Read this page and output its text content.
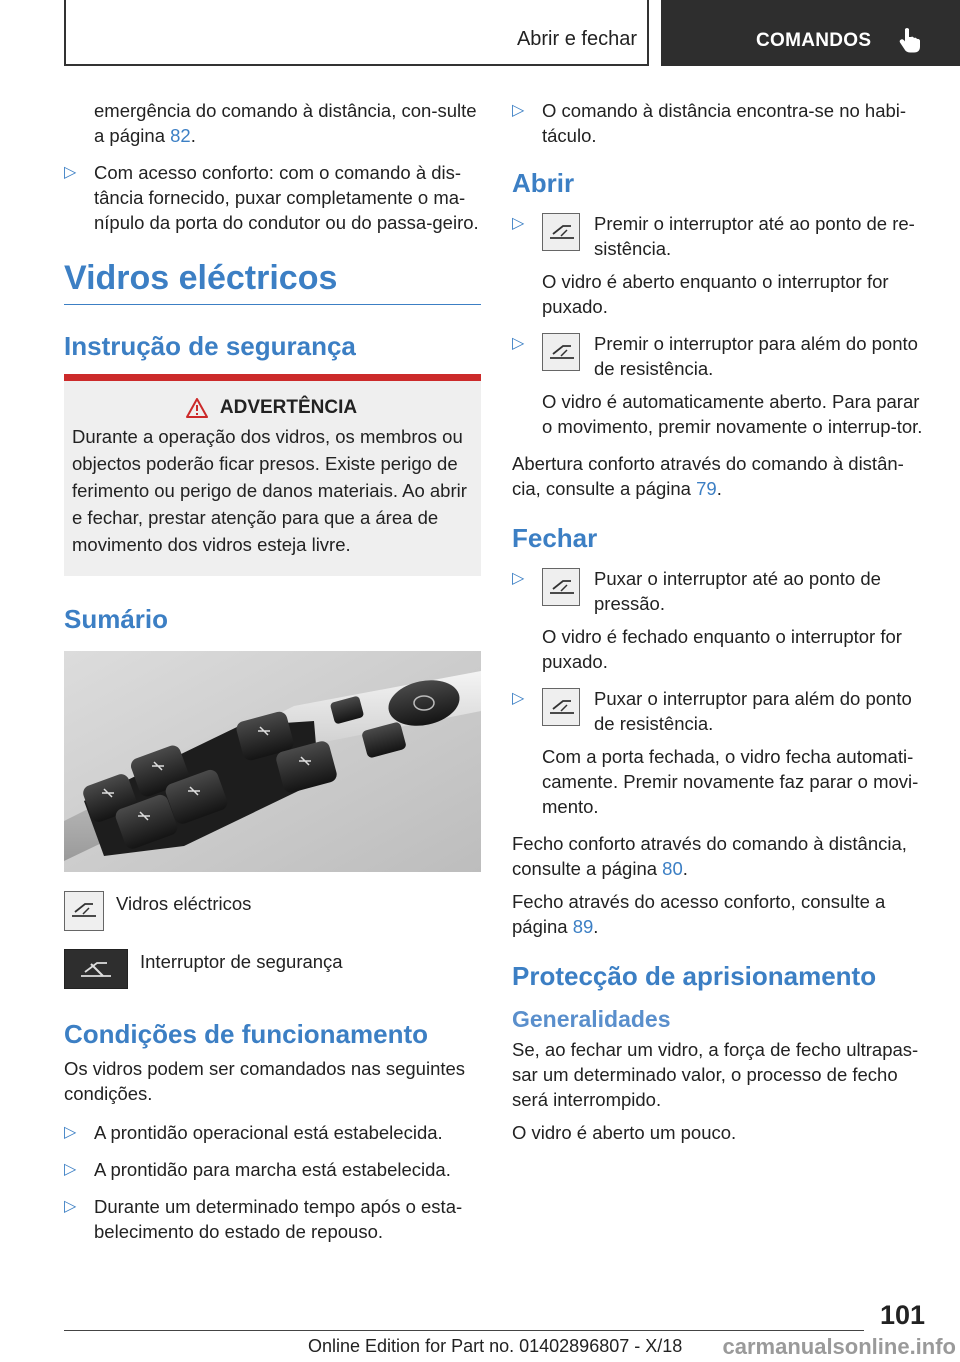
Abrir e fechar	COMANDOS

emergência do comando à distância, con-sulte a página 82.

▷ Com acesso conforto: com o comando à dis-tância fornecido, puxar completamente o ma-nípulo da porta do condutor ou do passa-geiro.

Vidros eléctricos
Instrução de segurança
ADVERTÊNCIA
Durante a operação dos vidros, os membros ou objectos poderão ficar presos. Existe perigo de ferimento ou perigo de danos materiais. Ao abrir e fechar, prestar atenção para que a área de movimento dos vidros esteja livre.
Sumário
Vidros eléctricos
Interruptor de segurança
Condições de funcionamento

Os vidros podem ser comandados nas seguintes condições.

▷ A prontidão operacional está estabelecida.

▷ A prontidão para marcha está estabelecida.

▷ Durante um determinado tempo após o esta-belecimento do estado de repouso.

▷ O comando à distância encontra-se no habi-táculo.

Abrir
▷	Premir o interruptor até ao ponto de re-sistência.

O vidro é aberto enquanto o interruptor for puxado.

▷	Premir o interruptor para além do ponto de resistência.

O vidro é automaticamente aberto. Para parar o movimento, premir novamente o interrup-tor.

Abertura conforto através do comando à distân-cia, consulte a página 79.

Fechar
▷	Puxar o interruptor até ao ponto de pressão.

O vidro é fechado enquanto o interruptor for puxado.

▷	Puxar o interruptor para além do ponto de resistência.

Com a porta fechada, o vidro fecha automati-camente. Premir novamente faz parar o movi-mento.

Fecho conforto através do comando à distância, consulte a página 80.

Fecho através do acesso conforto, consulte a página 89.

Protecção de aprisionamento
Generalidades

Se, ao fechar um vidro, a força de fecho ultrapas-sar um determinado valor, o processo de fecho será interrompido.

O vidro é aberto um pouco.

101
Online Edition for Part no. 01402896807 - X/18 carmanualsonline.info
